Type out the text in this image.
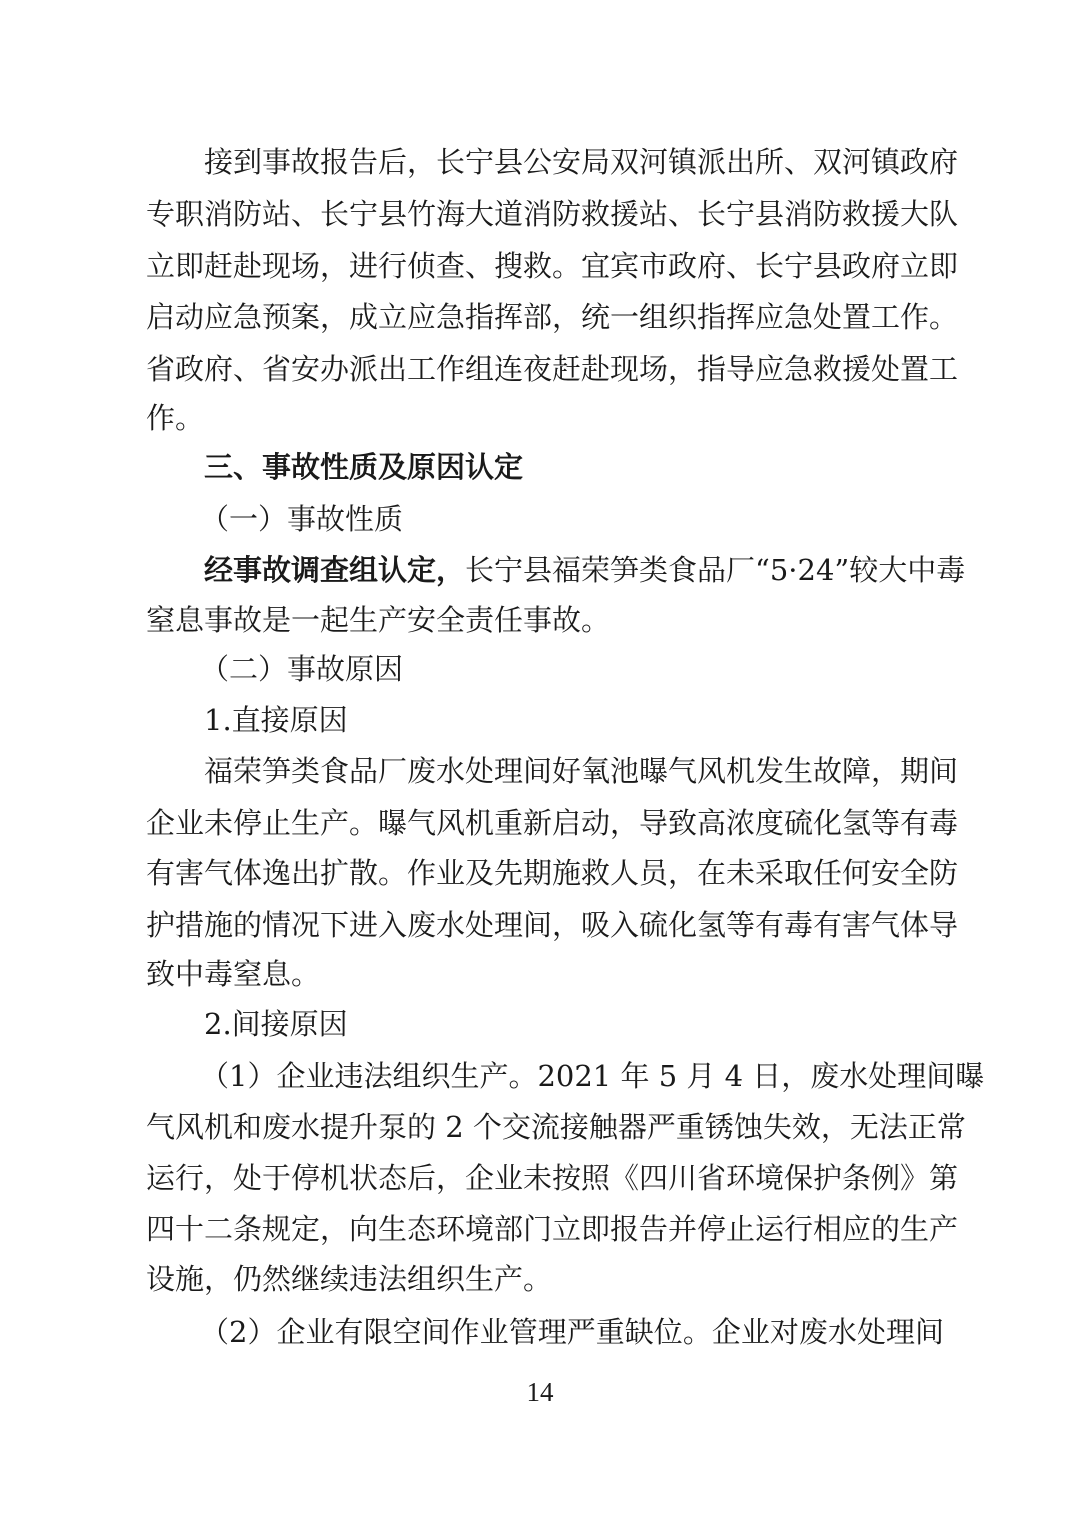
接到事故报告后，长宁县公安局双河镇派出所、双河镇政府
专职消防站、长宁县竹海大道消防救援站、长宁县消防救援大队
立即赶赴现场，进行侦查、搜救。宜宾市政府、长宁县政府立即
启动应急预案，成立应急指挥部，统一组织指挥应急处置工作。
省政府、省安办派出工作组连夜赶赴现场，指导应急救援处置工
作。
三、事故性质及原因认定
（一）事故性质
经事故调查组认定，长宁县福荣笋类食品厂“5·24”较大中毒
窒息事故是一起生产安全责任事故。
（二）事故原因
1.直接原因
福荣笋类食品厂废水处理间好氧池曝气风机发生故障，期间
企业未停止生产。曝气风机重新启动，导致高浓度硫化氢等有毒
有害气体逸出扩散。作业及先期施救人员，在未采取任何安全防
护措施的情况下进入废水处理间，吸入硫化氢等有毒有害气体导
致中毒窒息。
2.间接原因
（1）企业违法组织生产。2021 年 5 月 4 日，废水处理间曝
气风机和废水提升泵的 2 个交流接触器严重锈蚀失效，无法正常
运行，处于停机状态后，企业未按照《四川省环境保护条例》第
四十二条规定，向生态环境部门立即报告并停止运行相应的生产
设施，仍然继续违法组织生产。
（2）企业有限空间作业管理严重缺位。企业对废水处理间
14
